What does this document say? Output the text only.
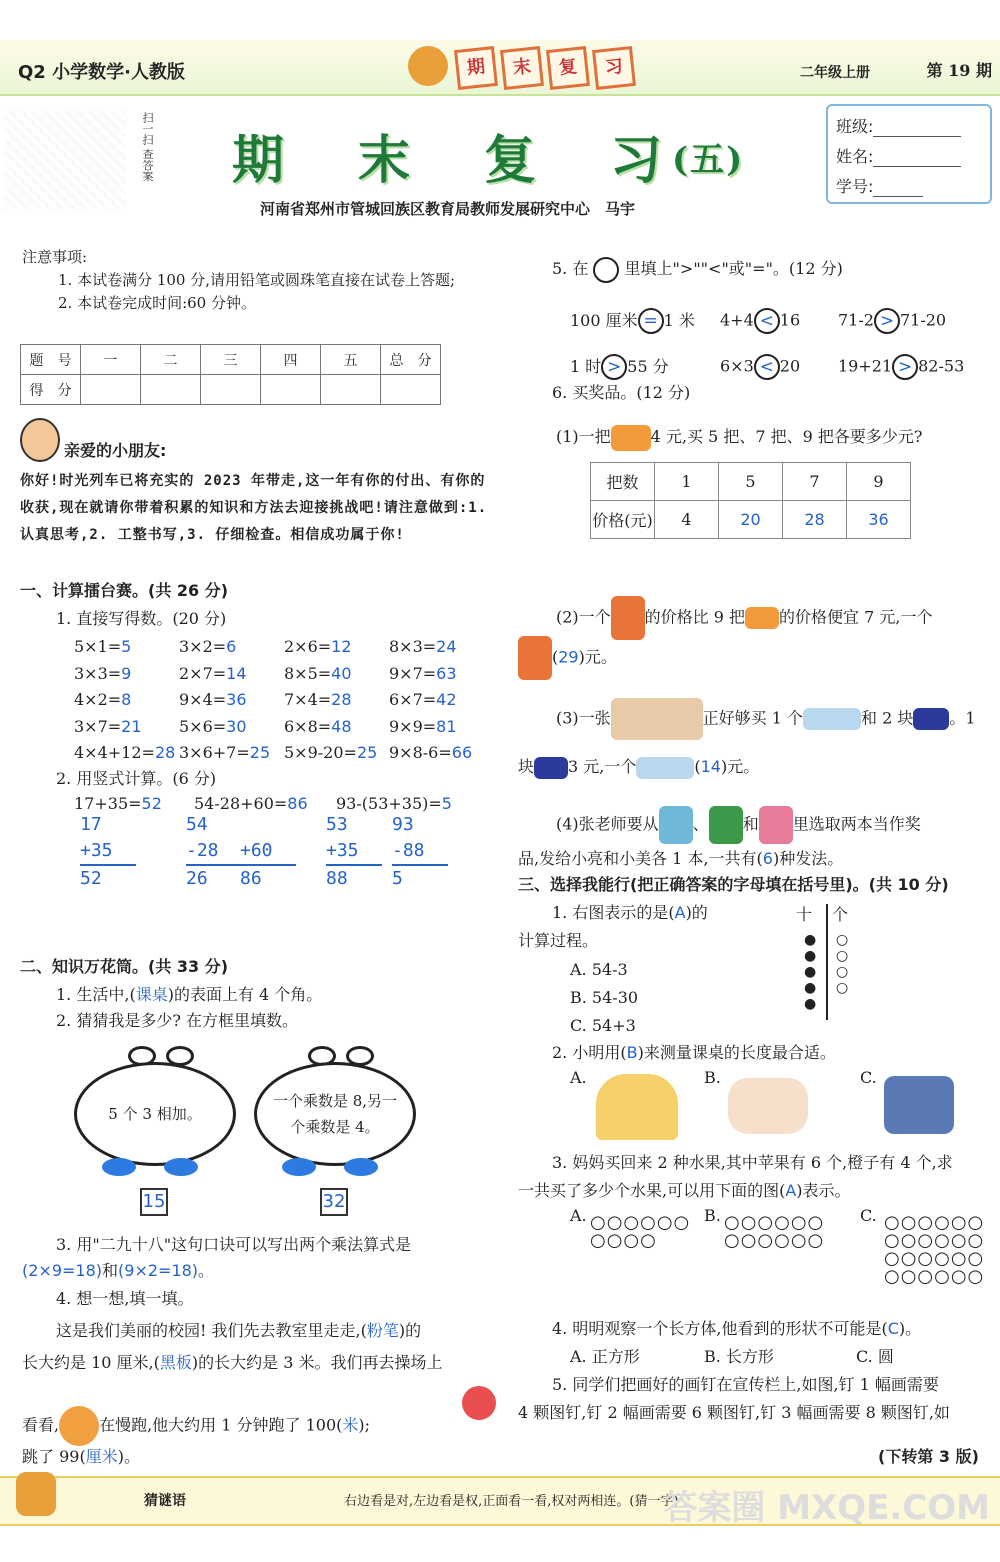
Q2 小学数学·人教版	期	末	复	习	二年级上册	第 19 期
扫一扫 查答案 期 末 复 习 (五)
河南省郑州市管城回族区教育局教师发展研究中心　马宇
班级:
姓名:
学号:
注意事项:
1. 本试卷满分 100 分,请用铅笔或圆珠笔直接在试卷上答题;
2. 本试卷完成时间:60 分钟。
题　号	一	二	三	四	五	总　分
得　分						
亲爱的小朋友:
你好!时光列车已将充实的 2023 年带走,这一年有你的付出、有你的收获,现在就请你带着积累的知识和方法去迎接挑战吧!请注意做到:1. 认真思考,2. 工整书写,3. 仔细检查。相信成功属于你!
一、计算擂台赛。(共 26 分)
1. 直接写得数。(20 分)
5×1=5	3×2=6	2×6=12	8×3=24
3×3=9	2×7=14	8×5=40	9×7=63
4×2=8	9×4=36	7×4=28	6×7=42
3×7=21	5×6=30	6×8=48	9×9=81
4×4+12=28 3×6+7=25 5×9-20=25 9×8-6=66
2. 用竖式计算。(6 分)
17+35=52 54-28+60=86 93-(53+35)=5
17
+35
52
54
-28
26
+60
86
53
+35
88
93
-88
5
二、知识万花筒。(共 33 分)
1. 生活中,(课桌)的表面上有 4 个角。
2. 猜猜我是多少? 在方框里填数。
5 个 3 相加。
15
一个乘数是 8,另一个乘数是 4。
32
3. 用"二九十八"这句口诀可以写出两个乘法算式是
(2×9=18)和(9×2=18)。
4. 想一想,填一填。
这是我们美丽的校园! 我们先去教室里走走,(粉笔)的
长大约是 10 厘米,(黑板)的长大约是 3 米。我们再去操场上
看看,	在慢跑,他大约用 1 分钟跑了 100(米);
跳了 99(厘米)。
5. 在 里填上">""<"或"="。(12 分)
100 厘米 = 1 米	4+4 < 16	71-2 > 71-20
1 时 > 55 分	6×3 < 20	19+21 > 82-53
6. 买奖品。(12 分)
(1)一把	4 元,买 5 把、7 把、9 把各要多少元?
把数	1	5	7	9
价格(元)	4	20	28	36
(2)一个 的价格比 9 把 的价格便宜 7 元,一个
(29)元。
(3)一张	正好够买 1 个	和 2 块 。1
块 3 元,一个	(14)元。
(4)张老师要从 、 和 里选取两本当作奖
品,发给小亮和小美各 1 本,一共有(6)种发法。
三、选择我能行(把正确答案的字母填在括号里)。(共 10 分)
1. 右图表示的是(A)的
计算过程。
A. 54-3
B. 54-30
C. 54+3
十 个
●
●
●
●
●
○
○
○
○
2. 小明用(B)来测量课桌的长度最合适。
A.	B.	C.
3. 妈妈买回来 2 种水果,其中苹果有 6 个,橙子有 4 个,求
一共买了多少个水果,可以用下面的图(A)表示。
A. ○○○○○○
○○○○
B. ○○○○○○
○○○○○○
C. ○○○○○○
○○○○○○
○○○○○○
○○○○○○
4. 明明观察一个长方体,他看到的形状不可能是(C)。
A. 正方形	B. 长方形	C. 圆
5. 同学们把画好的画钉在宣传栏上,如图,钉 1 幅画需要
4 颗图钉,钉 2 幅画需要 6 颗图钉,钉 3 幅画需要 8 颗图钉,如
(下转第 3 版)
猜谜语	右边看是对,左边看是权,正面看一看,权对两相连。(猜一字)
答案圈 MXQE.COM
